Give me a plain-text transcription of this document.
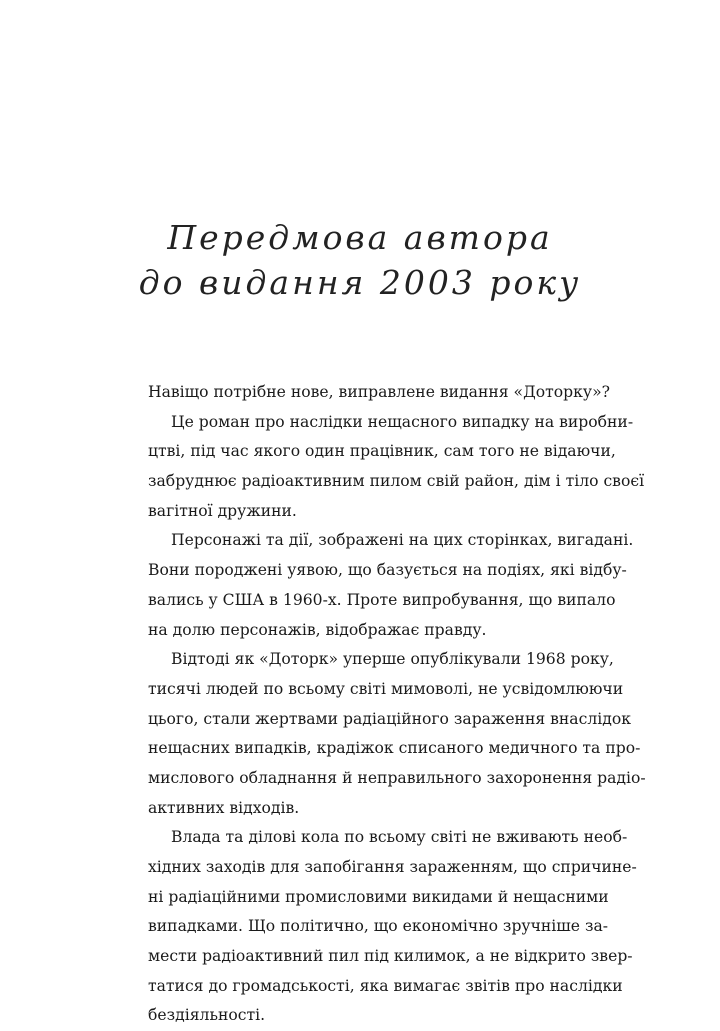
Передмова автора
до видання 2003 року
Навіщо потрібне нове, виправлене видання «Доторку»?
Це роман про наслідки нещасного випадку на виробни-
цтві, під час якого один працівник, сам того не відаючи,
забруднює радіоактивним пилом свій район, дім і тіло своєї
вагітної дружини.
Персонажі та дії, зображені на цих сторінках, вигадані.
Вони породжені уявою, що базується на подіях, які відбу-
вались у США в 1960-х. Проте випробування, що випало
на долю персонажів, відображає правду.
Відтоді як «Доторк» уперше опублікували 1968 року,
тисячі людей по всьому світі мимоволі, не усвідомлюючи
цього, стали жертвами радіаційного зараження внаслідок
нещасних випадків, крадіжок списаного медичного та про-
мислового обладнання й неправильного захоронення радіо-
активних відходів.
Влада та ділові кола по всьому світі не вживають необ-
хідних заходів для запобігання зараженням, що спричине-
ні радіаційними промисловими викидами й нещасними
випадками. Що політично, що економічно зручніше за-
мести радіоактивний пил під килимок, а не відкрито звер-
татися до громадськості, яка вимагає звітів про наслідки
бездіяльності.
